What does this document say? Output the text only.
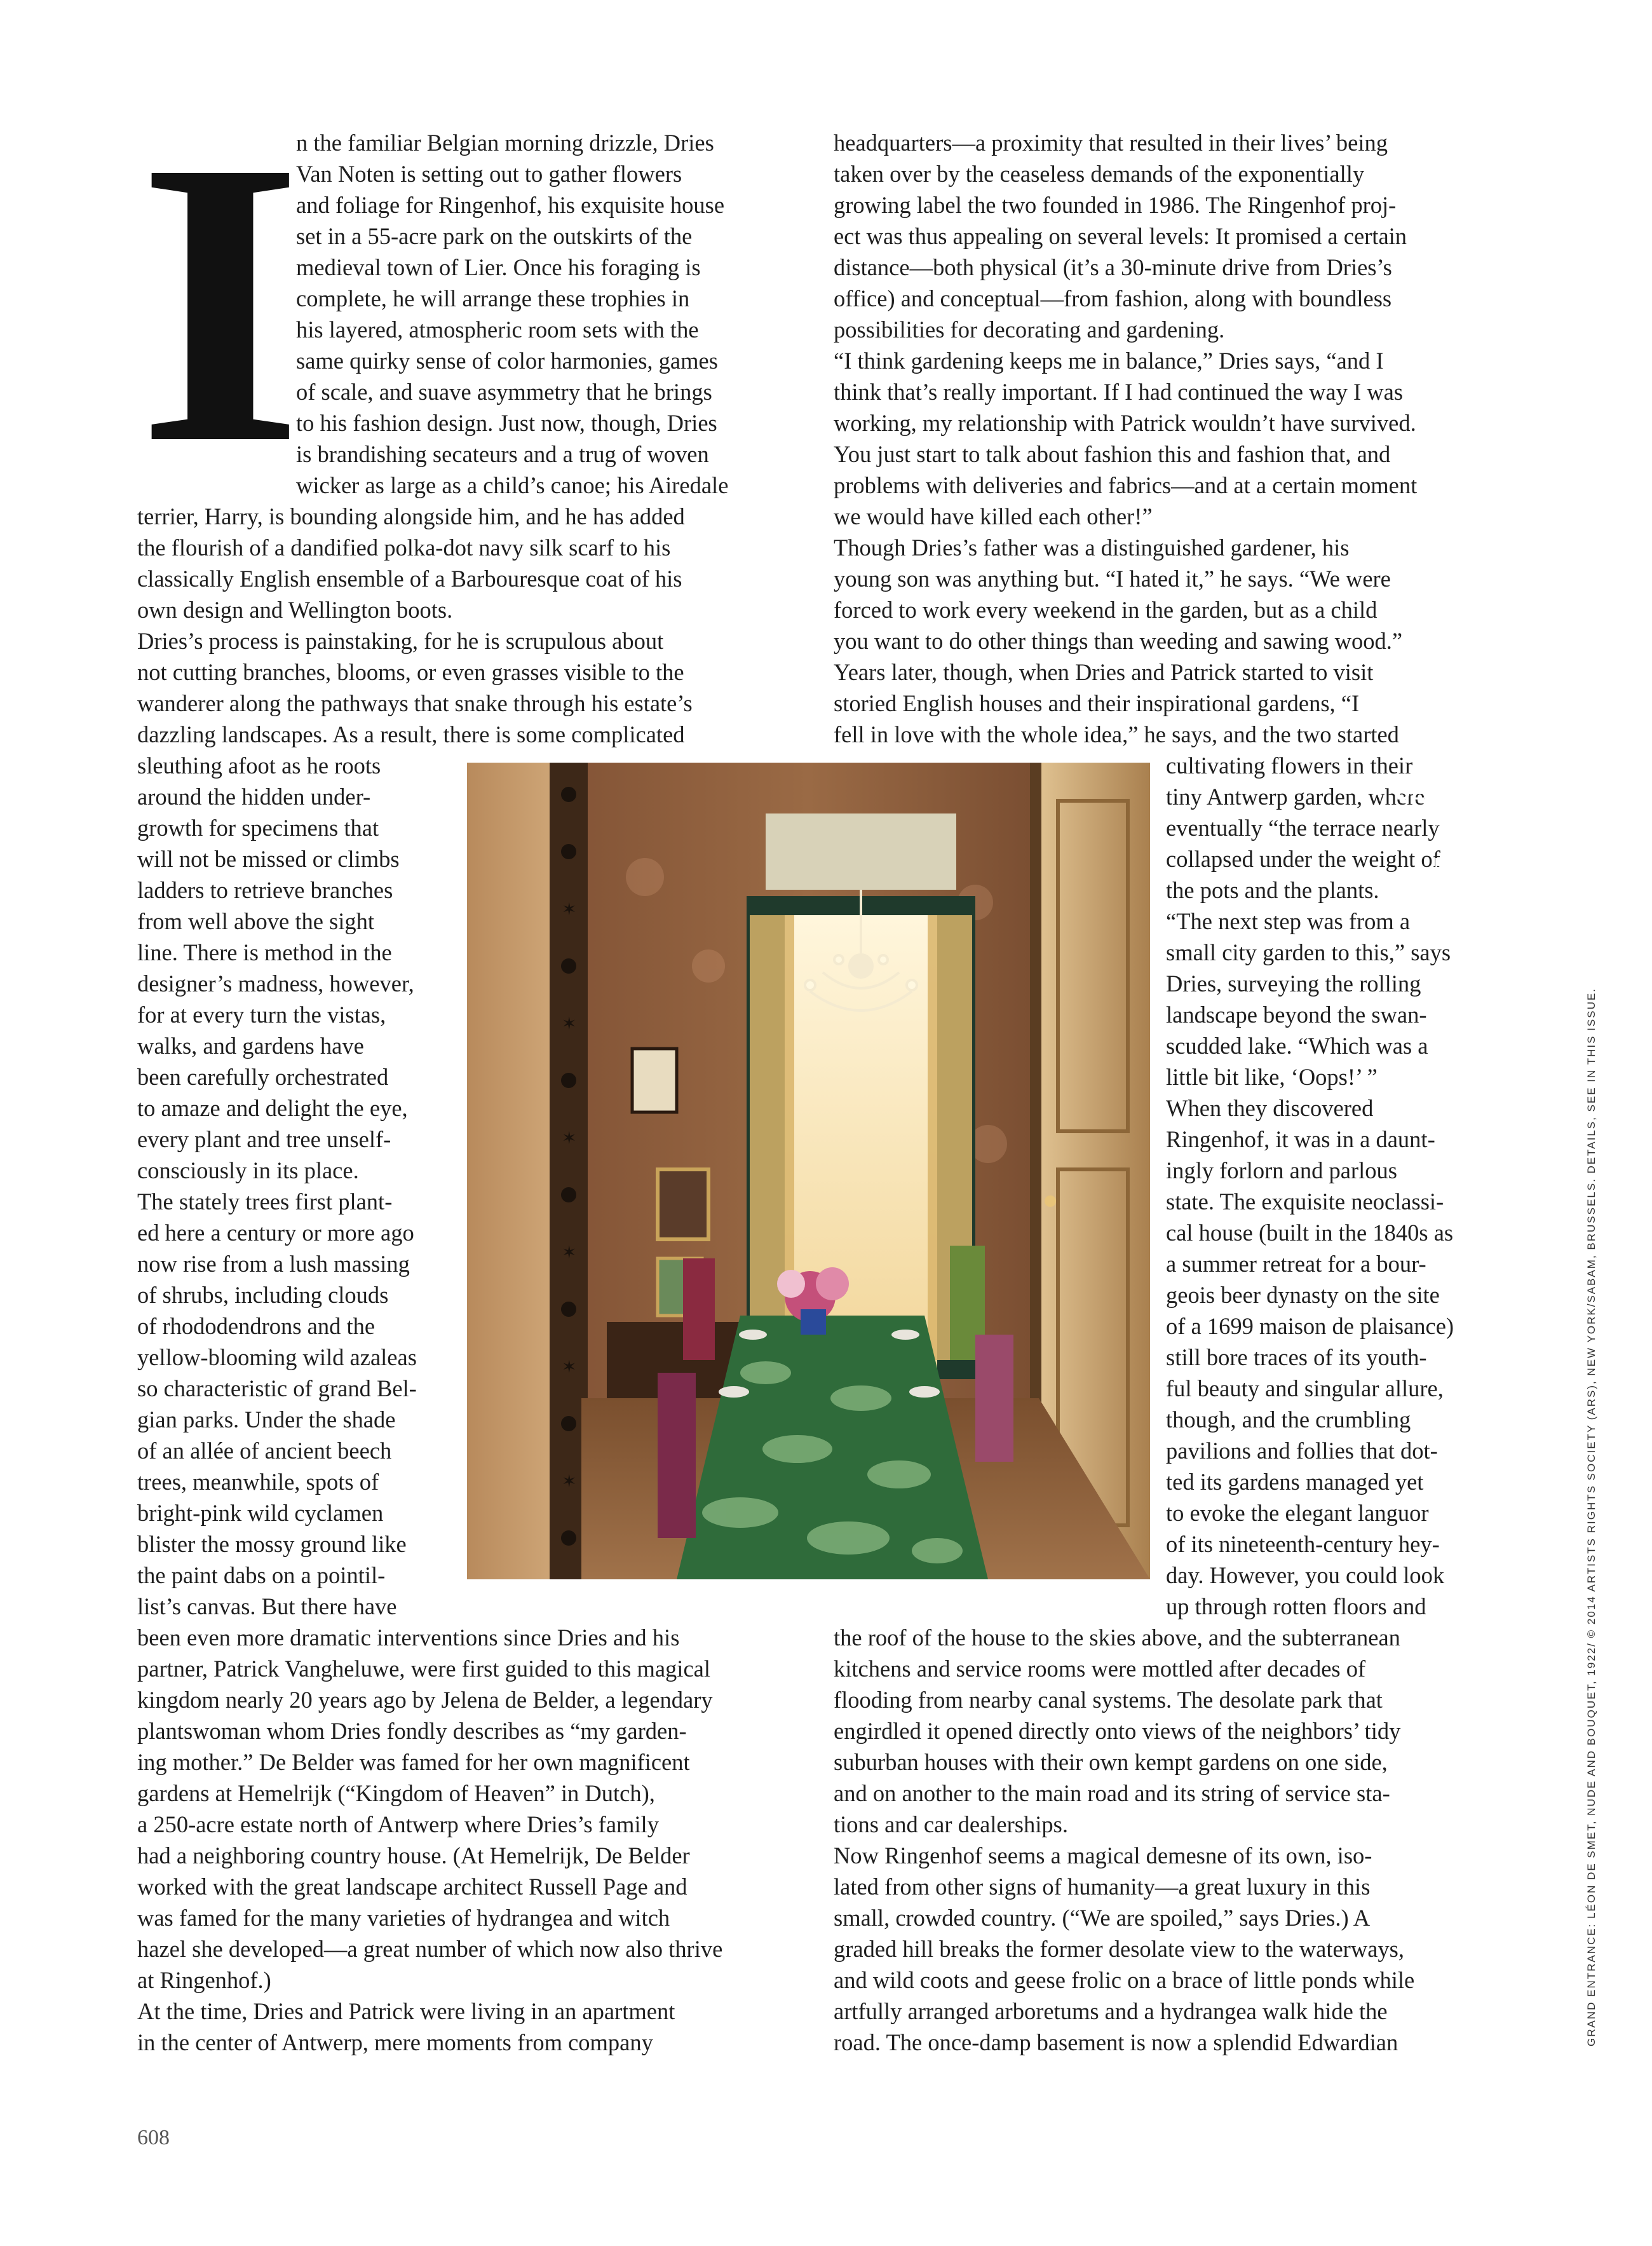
I

n the familiar Belgian morning drizzle, Dries
Van Noten is setting out to gather flowers
and foliage for Ringenhof, his exquisite house
set in a 55-acre park on the outskirts of the
medieval town of Lier. Once his foraging is
complete, he will arrange these trophies in
his layered, atmospheric room sets with the
same quirky sense of color harmonies, games
of scale, and suave asymmetry that he brings
to his fashion design. Just now, though, Dries
is brandishing secateurs and a trug of woven
wicker as large as a child’s canoe; his Airedale

terrier, Harry, is bounding alongside him, and he has added
the flourish of a dandified polka-dot navy silk scarf to his
classically English ensemble of a Barbouresque coat of his
own design and Wellington boots.

Dries’s process is painstaking, for he is scrupulous about
not cutting branches, blooms, or even grasses visible to the
wanderer along the pathways that snake through his estate’s
dazzling landscapes. As a result, there is some complicated

sleuthing afoot as he roots
around the hidden under-
growth for specimens that
will not be missed or climbs
ladders to retrieve branches
from well above the sight
line. There is method in the
designer’s madness, however,
for at every turn the vistas,
walks, and gardens have
been carefully orchestrated
to amaze and delight the eye,
every plant and tree unself-
consciously in its place.

The stately trees first plant-
ed here a century or more ago
now rise from a lush massing
of shrubs, including clouds
of rhododendrons and the
yellow-blooming wild azaleas
so characteristic of grand Bel-
gian parks. Under the shade
of an allée of ancient beech
trees, meanwhile, spots of
bright-pink wild cyclamen
blister the mossy ground like
the paint dabs on a pointil-
list’s canvas. But there have

been even more dramatic interventions since Dries and his
partner, Patrick Vangheluwe, were first guided to this magical
kingdom nearly 20 years ago by Jelena de Belder, a legendary
plantswoman whom Dries fondly describes as “my garden-
ing mother.” De Belder was famed for her own magnificent
gardens at Hemelrijk (“Kingdom of Heaven” in Dutch),
a 250-acre estate north of Antwerp where Dries’s family
had a neighboring country house. (At Hemelrijk, De Belder
worked with the great landscape architect Russell Page and
was famed for the many varieties of hydrangea and witch
hazel she developed—a great number of which now also thrive
at Ringenhof.)

At the time, Dries and Patrick were living in an apartment
in the center of Antwerp, mere moments from company

headquarters—a proximity that resulted in their lives’ being
taken over by the ceaseless demands of the exponentially
growing label the two founded in 1986. The Ringenhof proj-
ect was thus appealing on several levels: It promised a certain
distance—both physical (it’s a 30-minute drive from Dries’s
office) and conceptual—from fashion, along with boundless
possibilities for decorating and gardening.

“I think gardening keeps me in balance,” Dries says, “and I
think that’s really important. If I had continued the way I was
working, my relationship with Patrick wouldn’t have survived.
You just start to talk about fashion this and fashion that, and
problems with deliveries and fabrics—and at a certain moment
we would have killed each other!”

Though Dries’s father was a distinguished gardener, his
young son was anything but. “I hated it,” he says. “We were
forced to work every weekend in the garden, but as a child
you want to do other things than weeding and sawing wood.”
Years later, though, when Dries and Patrick started to visit
storied English houses and their inspirational gardens, “I
fell in love with the whole idea,” he says, and the two started

cultivating flowers in their
tiny Antwerp garden, where
eventually “the terrace nearly
collapsed under the weight of
the pots and the plants.

“The next step was from a
small city garden to this,” says
Dries, surveying the rolling
landscape beyond the swan-
scudded lake. “Which was a
little bit like, ‘Oops!’ ”

When they discovered
Ringenhof, it was in a daunt-
ingly forlorn and parlous
state. The exquisite neoclassi-
cal house (built in the 1840s as
a summer retreat for a bour-
geois beer dynasty on the site
of a 1699 maison de plaisance)
still bore traces of its youth-
ful beauty and singular allure,
though, and the crumbling
pavilions and follies that dot-
ted its gardens managed yet
to evoke the elegant languor
of its nineteenth-century hey-
day. However, you could look
up through rotten floors and

the roof of the house to the skies above, and the subterranean
kitchens and service rooms were mottled after decades of
flooding from nearby canal systems. The desolate park that
engirdled it opened directly onto views of the neighbors’ tidy
suburban houses with their own kempt gardens on one side,
and on another to the main road and its string of service sta-
tions and car dealerships.

Now Ringenhof seems a magical demesne of its own, iso-
lated from other signs of humanity—a great luxury in this
small, crowded country. (“We are spoiled,” says Dries.) A
graded hill breaks the former desolate view to the waterways,
and wild coots and geese frolic on a brace of little ponds while
artfully arranged arboretums and a hydrangea walk hide the
road. The once-damp basement is now a splendid Edwardian

✶
✶
✶
✶
✶
✶

DECORATIVE ARTS

A repurposed length
of Mantero silk
brocade dresses the
dining-room table.

GRAND ENTRANCE: LÉON DE SMET, NUDE AND BOUQUET, 1922/ © 2014 ARTISTS RIGHTS SOCIETY (ARS), NEW YORK/SABAM, BRUSSELS. DETAILS, SEE IN THIS ISSUE.

608
